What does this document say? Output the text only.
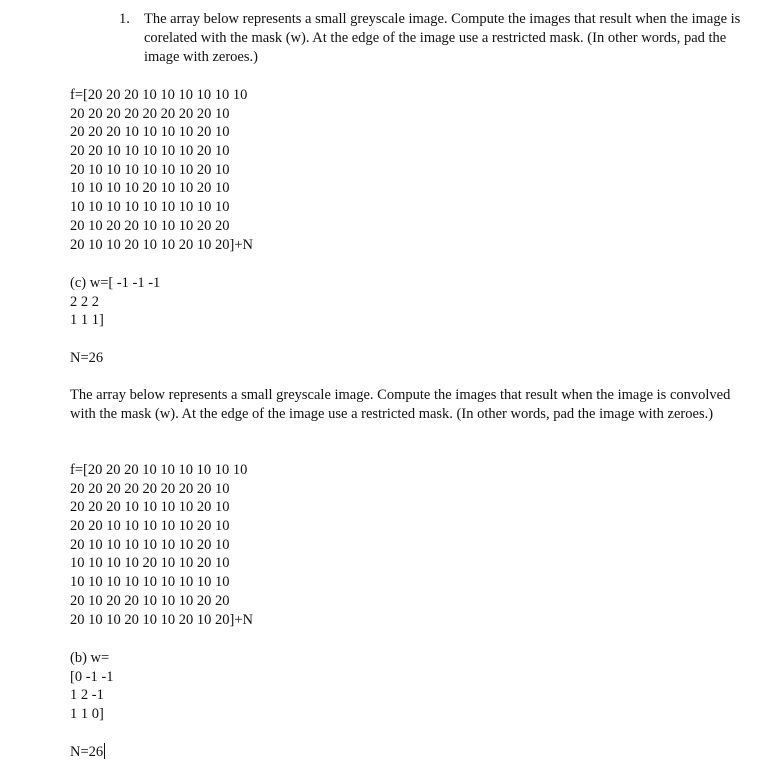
1. The array below represents a small greyscale image. Compute the images that result when the image is corelated with the mask (w). At the edge of the image use a restricted mask. (In other words, pad the image with zeroes.)
f=[20 20 20 10 10 10 10 10 10
20 20 20 20 20 20 20 20 10
20 20 20 10 10 10 10 20 10
20 20 10 10 10 10 10 20 10
20 10 10 10 10 10 10 20 10
10 10 10 10 20 10 10 20 10
10 10 10 10 10 10 10 10 10
20 10 20 20 10 10 10 20 20
20 10 10 20 10 10 20 10 20]+N
(c) w=[ -1 -1 -1
2 2 2
1 1 1]
N=26
The array below represents a small greyscale image. Compute the images that result when the image is convolved with the mask (w). At the edge of the image use a restricted mask. (In other words, pad the image with zeroes.)
f=[20 20 20 10 10 10 10 10 10
20 20 20 20 20 20 20 20 10
20 20 20 10 10 10 10 20 10
20 20 10 10 10 10 10 20 10
20 10 10 10 10 10 10 20 10
10 10 10 10 20 10 10 20 10
10 10 10 10 10 10 10 10 10
20 10 20 20 10 10 10 20 20
20 10 10 20 10 10 20 10 20]+N
(b) w=
[0 -1 -1
1 2 -1
1 1 0]
N=26
